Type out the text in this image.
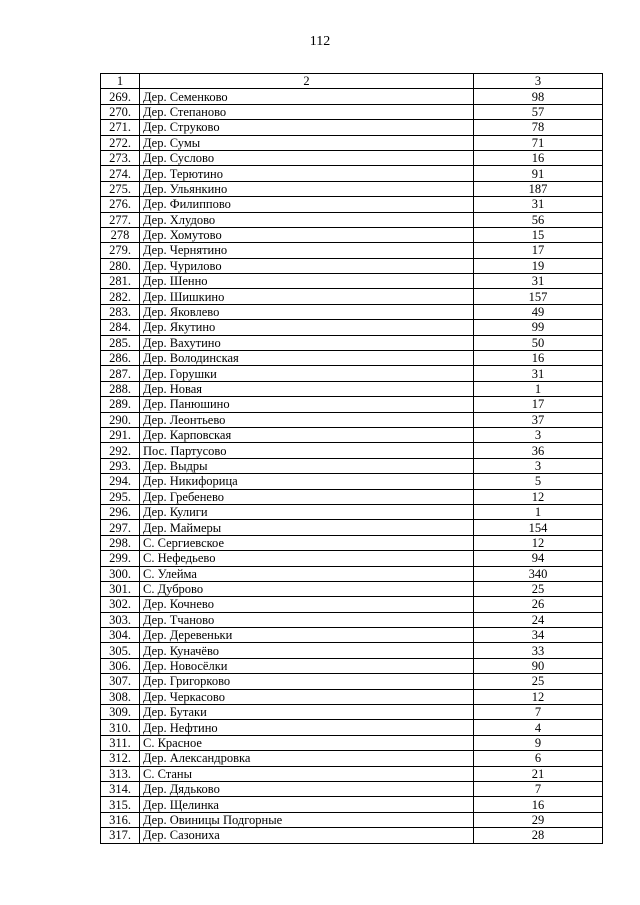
112
1	2	3
269.	Дер. Семенково	98
270.	Дер. Степаново	57
271.	Дер. Струково	78
272.	Дер. Сумы	71
273.	Дер. Суслово	16
274.	Дер. Терютино	91
275.	Дер. Ульянкино	187
276.	Дер. Филиппово	31
277.	Дер. Хлудово	56
278	Дер. Хомутово	15
279.	Дер. Чернятино	17
280.	Дер. Чурилово	19
281.	Дер. Шенно	31
282.	Дер. Шишкино	157
283.	Дер. Яковлево	49
284.	Дер. Якутино	99
285.	Дер. Вахутино	50
286.	Дер. Володинская	16
287.	Дер. Горушки	31
288.	Дер. Новая	1
289.	Дер. Панюшино	17
290.	Дер. Леонтьево	37
291.	Дер. Карповская	3
292.	Пос. Партусово	36
293.	Дер. Выдры	3
294.	Дер. Никифорица	5
295.	Дер. Гребенево	12
296.	Дер. Кулиги	1
297.	Дер. Маймеры	154
298.	С. Сергиевское	12
299.	С. Нефедьево	94
300.	С. Улейма	340
301.	С. Дуброво	25
302.	Дер. Кочнево	26
303.	Дер. Тчаново	24
304.	Дер. Деревеньки	34
305.	Дер. Куначёво	33
306.	Дер. Новосёлки	90
307.	Дер. Григорково	25
308.	Дер. Черкасово	12
309.	Дер. Бутаки	7
310.	Дер. Нефтино	4
311.	С. Красное	9
312.	Дер. Александровка	6
313.	С. Станы	21
314.	Дер. Дядьково	7
315.	Дер. Щелинка	16
316.	Дер. Овиницы Подгорные	29
317.	Дер. Сазониха	28
